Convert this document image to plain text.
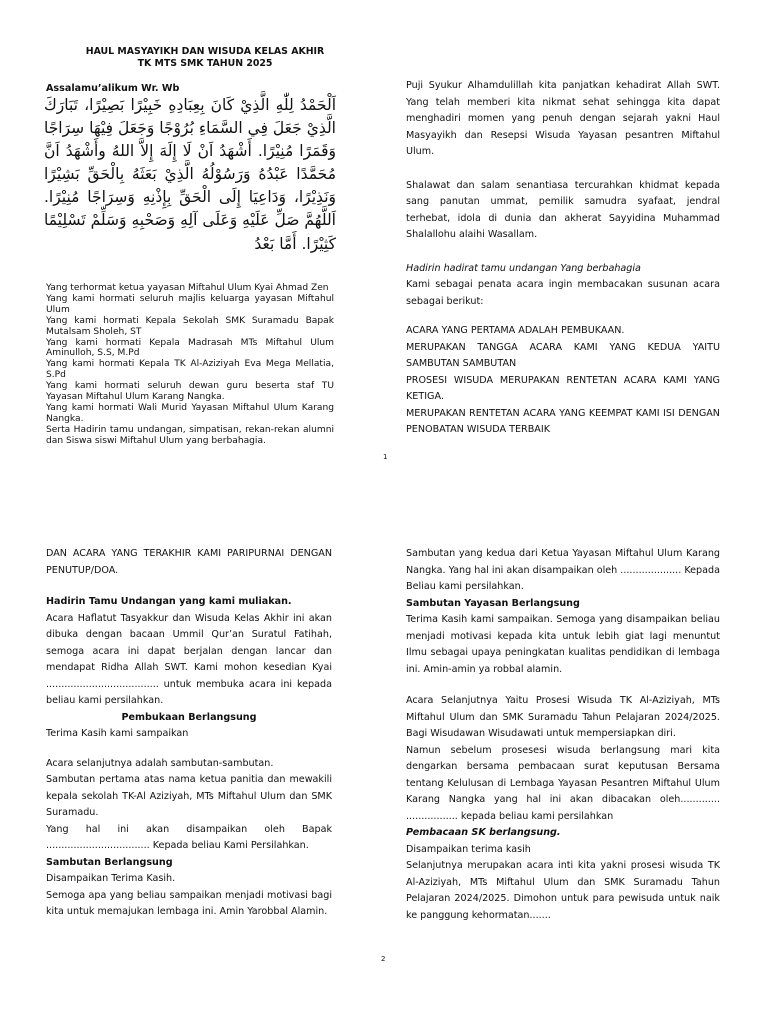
HAUL MASYAYIKH DAN WISUDA KELAS AKHIR
TK MTS SMK TAHUN 2025
Assalamu’alikum Wr. Wb
اَلْحَمْدُ لِلّٰهِ الَّذِيْ كَانَ بِعِبَادِهِ خَبِيْرًا بَصِيْرًا، تَبَارَكَ الَّذِيْ جَعَلَ فِي السَّمَاءِ بُرُوْجًا وَجَعَلَ فِيْهَا سِرَاجًا وَقَمَرًا مُنِيْرًا. أَشْهَدُ اَنْ لَا إِلَهَ إِلاَّ اللهُ وأَشْهَدُ اَنَّ مُحَمَّدًا عَبْدُهُ وَرَسُوْلُهُ الَّذِيْ بَعَثَهُ بِالْحَقِّ بَشِيْرًا وَنَذِيْرًا، وَدَاعِيَا إِلَى الْحَقِّ بِإِذْنِهِ وَسِرَاجًا مُنِيْرًا. اَللَّهُمَّ صَلِّ عَلَيْهِ وَعَلَى آلِهِ وَصَحْبِهِ وَسَلِّمْ تَسْلِيْمًا كَثِيْرًا. أَمَّا بَعْدُ

Yang terhormat ketua yayasan Miftahul Ulum Kyai Ahmad Zen

Yang kami hormati seluruh majlis keluarga yayasan Miftahul Ulum

Yang kami hormati Kepala Sekolah SMK Suramadu Bapak Mutalsam Sholeh, ST

Yang kami hormati Kepala Madrasah MTs Miftahul Ulum Aminulloh, S.S, M.Pd

Yang kami hormati Kepala TK Al-Aziziyah Eva Mega Mellatia, S.Pd

Yang kami hormati seluruh dewan guru beserta staf TU Yayasan Miftahul Ulum Karang Nangka.

Yang kami hormati Wali Murid Yayasan Miftahul Ulum Karang Nangka.

Serta Hadirin tamu undangan, simpatisan, rekan-rekan alumni dan Siswa siswi Miftahul Ulum yang berbahagia.

Puji Syukur Alhamdulillah kita panjatkan kehadirat Allah SWT. Yang telah memberi kita nikmat sehat sehingga kita dapat menghadiri momen yang penuh dengan sejarah yakni Haul Masyayikh dan Resepsi Wisuda Yayasan pesantren Miftahul Ulum.

Shalawat dan salam senantiasa tercurahkan khidmat kepada sang panutan ummat, pemilik samudra syafaat, jendral terhebat, idola di dunia dan akherat Sayyidina Muhammad Shalallohu alaihi Wasallam.

Hadirin hadirat tamu undangan Yang berbahagia

Kami sebagai penata acara ingin membacakan susunan acara sebagai berikut:

ACARA YANG PERTAMA ADALAH PEMBUKAAN.

MERUPAKAN TANGGA ACARA KAMI YANG KEDUA YAITU SAMBUTAN SAMBUTAN

PROSESI WISUDA MERUPAKAN RENTETAN ACARA KAMI YANG KETIGA.

MERUPAKAN RENTETAN ACARA YANG KEEMPAT KAMI ISI DENGAN PENOBATAN WISUDA TERBAIK

1

DAN ACARA YANG TERAKHIR KAMI PARIPURNAI DENGAN PENUTUP/DOA.

Hadirin Tamu Undangan yang kami muliakan.

Acara Haflatut Tasyakkur dan Wisuda Kelas Akhir ini akan dibuka dengan bacaan Ummil Qur’an Suratul Fatihah, semoga acara ini dapat berjalan dengan lancar dan mendapat Ridha Allah SWT. Kami mohon kesedian Kyai ..................................... untuk membuka acara ini kepada beliau kami persilahkan.

Pembukaan Berlangsung

Terima Kasih kami sampaikan

Acara selanjutnya adalah sambutan-sambutan.

Sambutan pertama atas nama ketua panitia dan mewakili kepala sekolah TK-Al Aziziyah, MTs Miftahul Ulum dan SMK Suramadu.

Yang hal ini akan disampaikan oleh Bapak .................................. Kepada beliau Kami Persilahkan.

Sambutan Berlangsung

Disampaikan Terima Kasih.

Semoga apa yang beliau sampaikan menjadi motivasi bagi kita untuk memajukan lembaga ini. Amin Yarobbal Alamin.

Sambutan yang kedua dari Ketua Yayasan Miftahul Ulum Karang Nangka. Yang hal ini akan disampaikan oleh .................... Kepada Beliau kami persilahkan.

Sambutan Yayasan Berlangsung

Terima Kasih kami sampaikan. Semoga yang disampaikan beliau menjadi motivasi kepada kita untuk lebih giat lagi menuntut Ilmu sebagai upaya peningkatan kualitas pendidikan di lembaga ini. Amin-amin ya robbal alamin.

Acara Selanjutnya Yaitu Prosesi Wisuda TK Al-Aziziyah, MTs Miftahul Ulum dan SMK Suramadu Tahun Pelajaran 2024/2025. Bagi Wisudawan Wisudawati untuk mempersiapkan diri.

Namun sebelum prosesesi wisuda berlangsung mari kita dengarkan bersama pembacaan surat keputusan Bersama tentang Kelulusan di Lembaga Yayasan Pesantren Miftahul Ulum Karang Nangka yang hal ini akan dibacakan oleh............. ................. kepada beliau kami persilahkan

Pembacaan SK berlangsung.

Disampaikan terima kasih

Selanjutnya merupakan acara inti kita yakni prosesi wisuda TK Al-Aziziyah, MTs Miftahul Ulum dan SMK Suramadu Tahun Pelajaran 2024/2025. Dimohon untuk para pewisuda untuk naik ke panggung kehormatan.......

2
